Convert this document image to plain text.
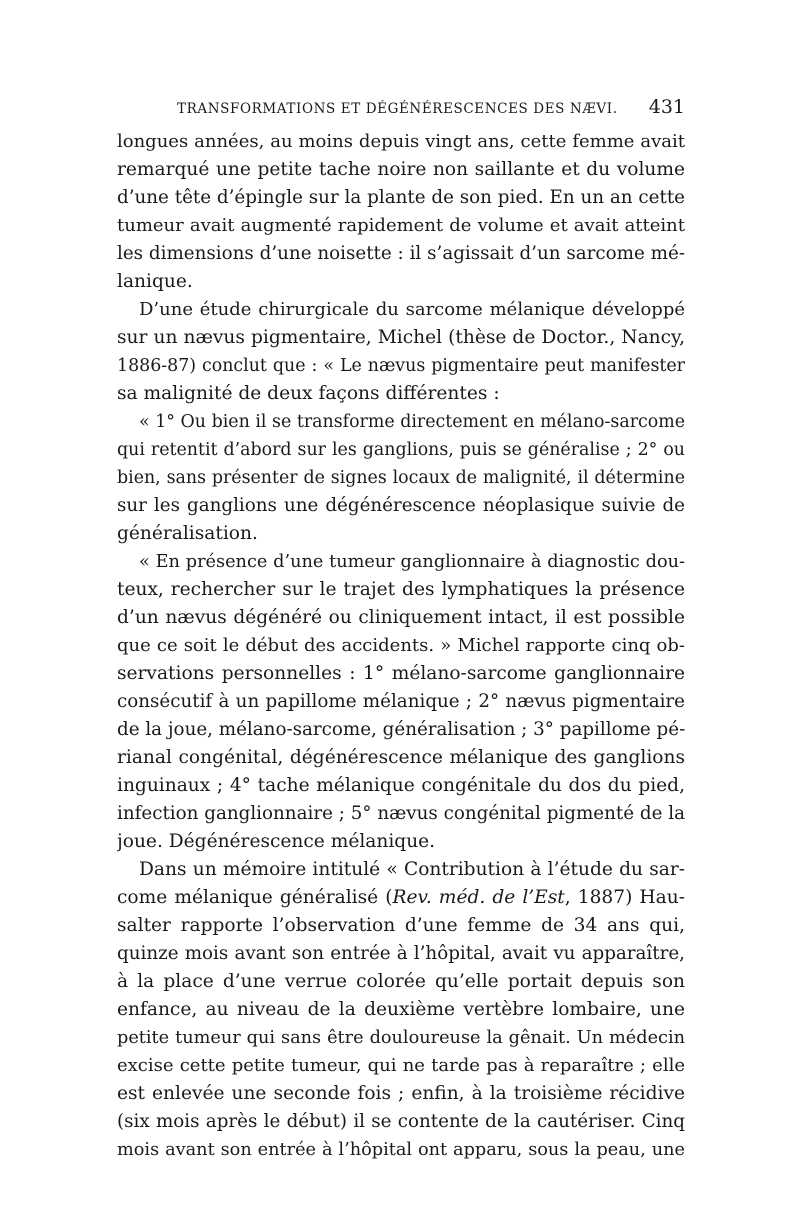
TRANSFORMATIONS ET DÉGÉNÉRESCENCES DES NÆVI. 431
longues années, au moins depuis vingt ans, cette femme avait
remarqué une petite tache noire non saillante et du volume
d’une tête d’épingle sur la plante de son pied. En un an cette
tumeur avait augmenté rapidement de volume et avait atteint
les dimensions d’une noisette : il s’agissait d’un sarcome mé-
lanique.
D’une étude chirurgicale du sarcome mélanique développé
sur un nævus pigmentaire, Michel (thèse de Doctor., Nancy,
1886-87) conclut que : « Le nævus pigmentaire peut manifester
sa malignité de deux façons différentes :
« 1° Ou bien il se transforme directement en mélano-sarcome
qui retentit d’abord sur les ganglions, puis se généralise ; 2° ou
bien, sans présenter de signes locaux de malignité, il détermine
sur les ganglions une dégénérescence néoplasique suivie de
généralisation.
« En présence d’une tumeur ganglionnaire à diagnostic dou-
teux, rechercher sur le trajet des lymphatiques la présence
d’un nævus dégénéré ou cliniquement intact, il est possible
que ce soit le début des accidents. » Michel rapporte cinq ob-
servations personnelles : 1° mélano-sarcome ganglionnaire
consécutif à un papillome mélanique ; 2° nævus pigmentaire
de la joue, mélano-sarcome, généralisation ; 3° papillome pé-
rianal congénital, dégénérescence mélanique des ganglions
inguinaux ; 4° tache mélanique congénitale du dos du pied,
infection ganglionnaire ; 5° nævus congénital pigmenté de la
joue. Dégénérescence mélanique.
Dans un mémoire intitulé « Contribution à l’étude du sar-
come mélanique généralisé (Rev. méd. de l’Est, 1887) Hau-
salter rapporte l’observation d’une femme de 34 ans qui,
quinze mois avant son entrée à l’hôpital, avait vu apparaître,
à la place d’une verrue colorée qu’elle portait depuis son
enfance, au niveau de la deuxième vertèbre lombaire, une
petite tumeur qui sans être douloureuse la gênait. Un médecin
excise cette petite tumeur, qui ne tarde pas à reparaître ; elle
est enlevée une seconde fois ; enfin, à la troisième récidive
(six mois après le début) il se contente de la cautériser. Cinq
mois avant son entrée à l’hôpital ont apparu, sous la peau, une
